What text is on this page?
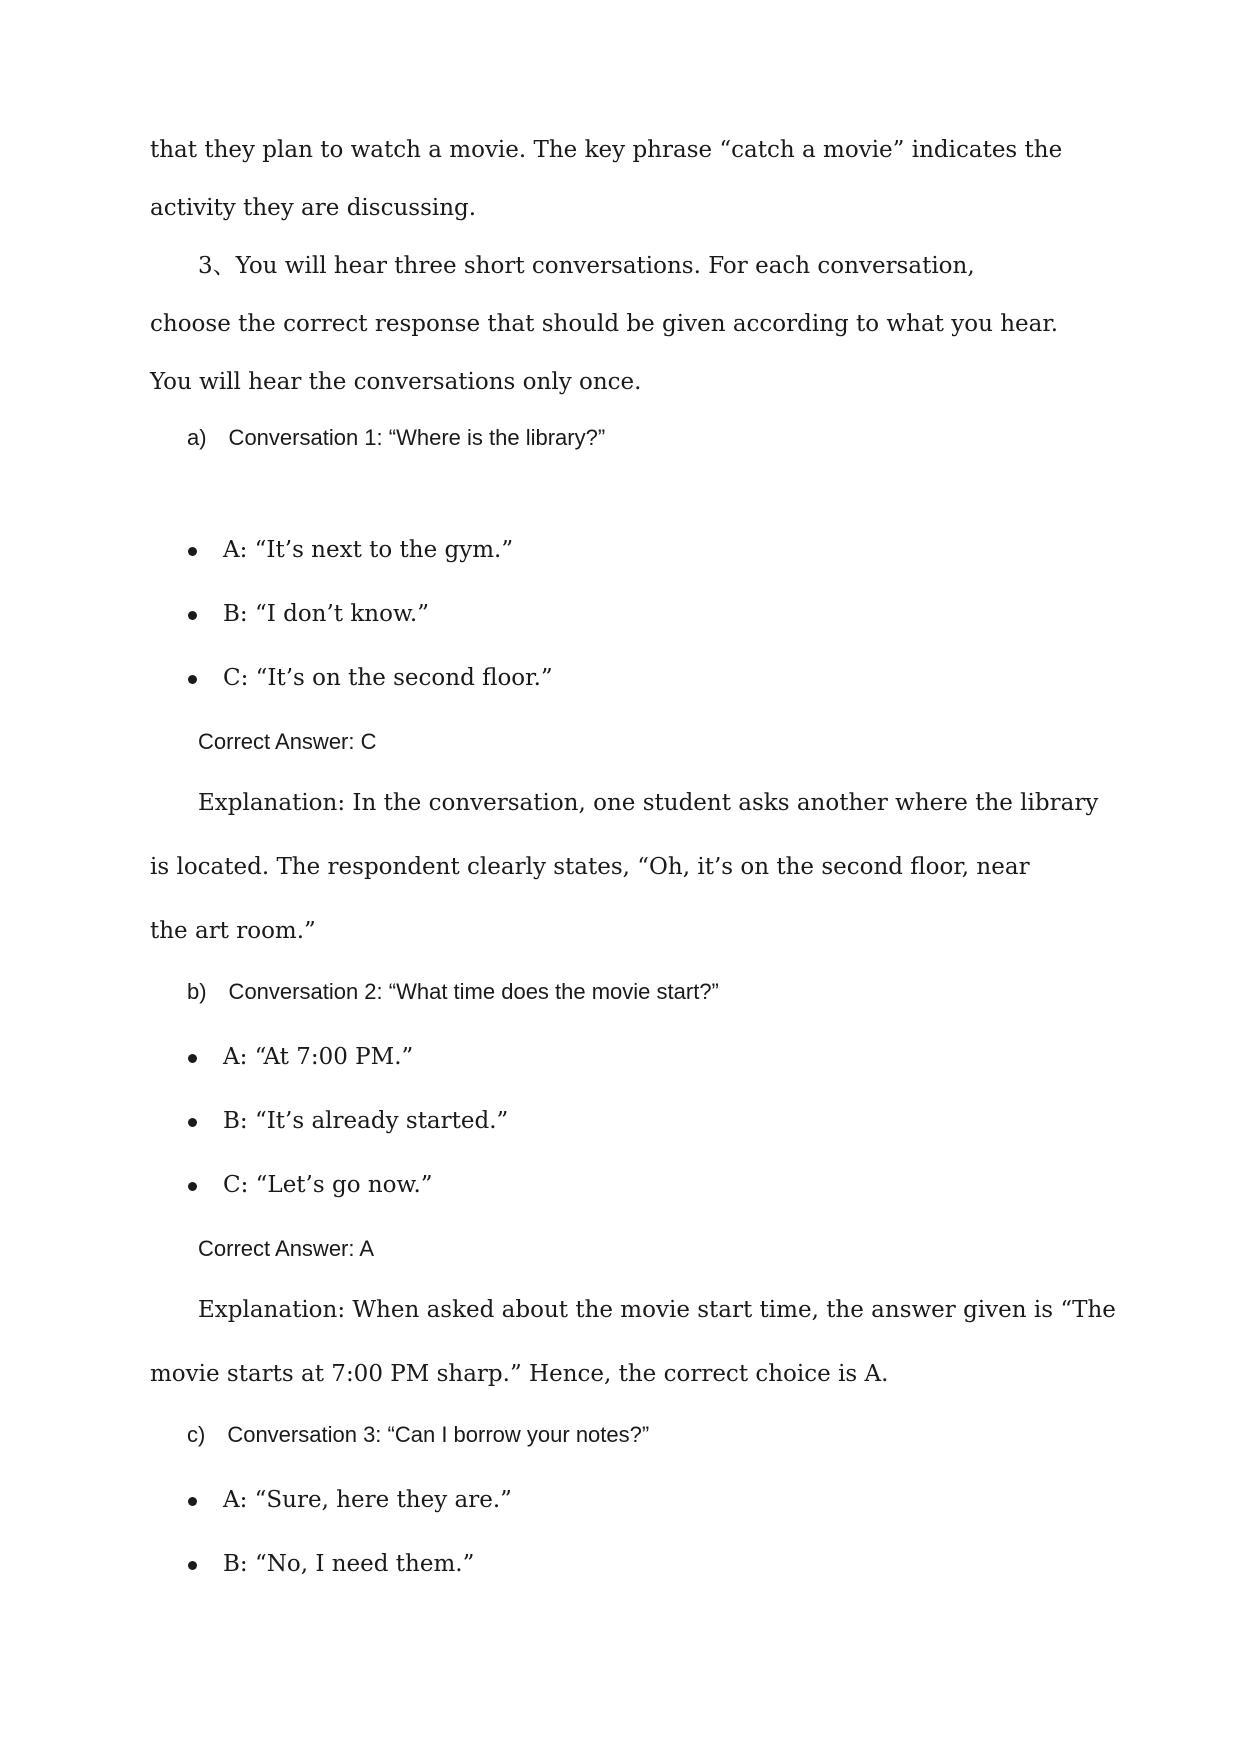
that they plan to watch a movie. The key phrase “catch a movie” indicates the

activity they are discussing.

3、You will hear three short conversations. For each conversation,

choose the correct response that should be given according to what you hear.

You will hear the conversations only once.

a) Conversation 1: “Where is the library?”

A: “It’s next to the gym.”

B: “I don’t know.”

C: “It’s on the second floor.”

Correct Answer: C

Explanation: In the conversation, one student asks another where the library

is located. The respondent clearly states, “Oh, it’s on the second floor, near

the art room.”

b) Conversation 2: “What time does the movie start?”

A: “At 7:00 PM.”

B: “It’s already started.”

C: “Let’s go now.”

Correct Answer: A

Explanation: When asked about the movie start time, the answer given is “The

movie starts at 7:00 PM sharp.” Hence, the correct choice is A.

c) Conversation 3: “Can I borrow your notes?”

A: “Sure, here they are.”

B: “No, I need them.”
